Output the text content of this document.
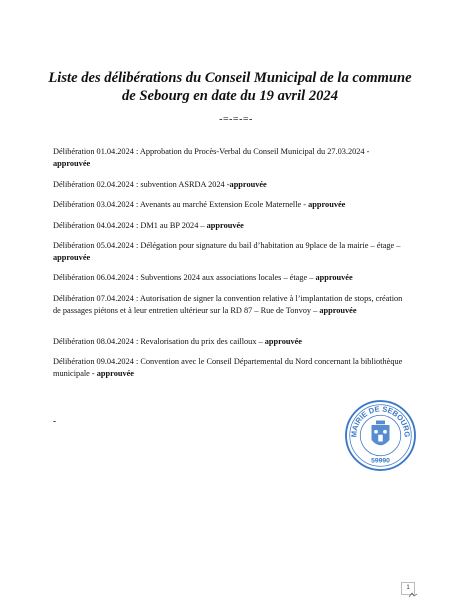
Liste des délibérations du Conseil Municipal de la commune
de Sebourg en date du 19 avril 2024
-=-=-=-

Délibération 01.04.2024 : Approbation du Procès-Verbal du Conseil Municipal du 27.03.2024 - approuvée

Délibération 02.04.2024 : subvention ASRDA 2024 -approuvée

Délibération 03.04.2024 : Avenants au marché Extension Ecole Maternelle - approuvée

Délibération 04.04.2024 : DM1 au BP 2024 – approuvée

Délibération 05.04.2024 : Délégation pour signature du bail d’habitation au 9place de la mairie – étage – approuvée

Délibération 06.04.2024 : Subventions 2024 aux associations locales – étage – approuvée

Délibération 07.04.2024 : Autorisation de signer la convention relative à l’implantation de stops, création de passages piétons et à leur entretien ultérieur sur la RD 87 – Rue de Tonvoy – approuvée

Délibération 08.04.2024 : Revalorisation du prix des cailloux – approuvée

Délibération 09.04.2024 : Convention avec le Conseil Départemental du Nord concernant la bibliothèque municipale - approuvée

-
MAIRIE DE SEBOURG
59990
1
